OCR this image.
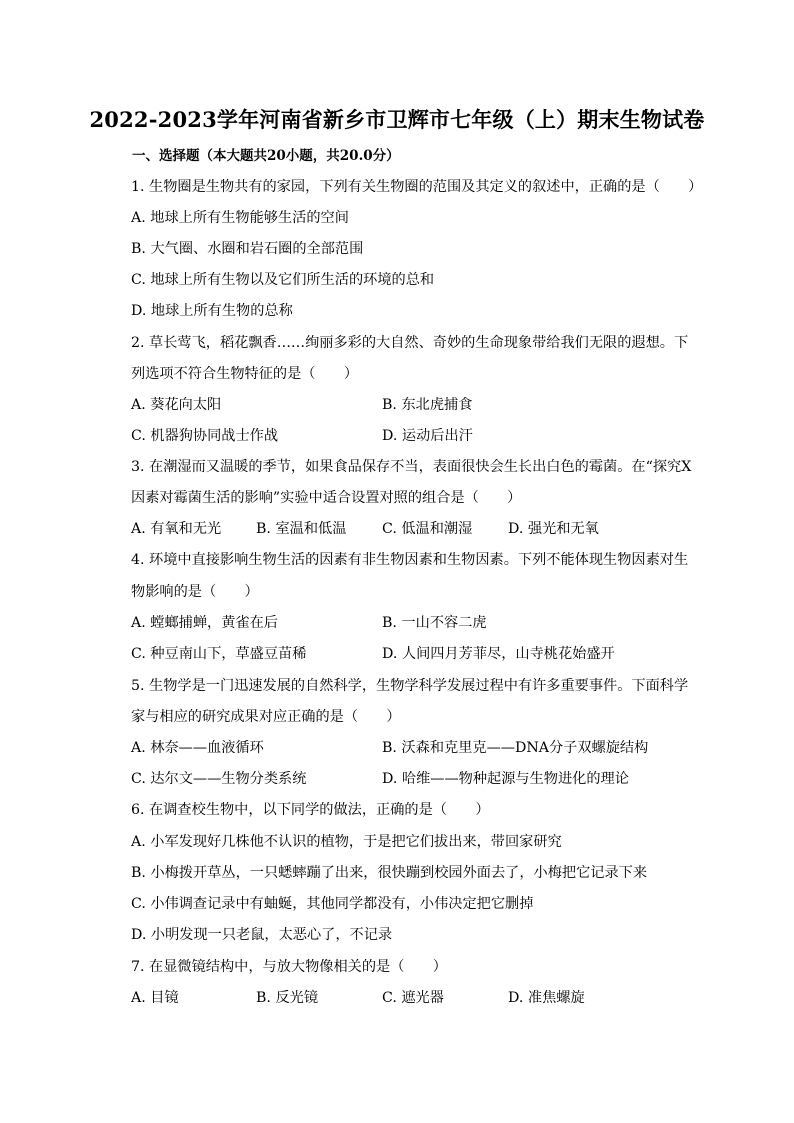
2022-2023学年河南省新乡市卫辉市七年级（上）期末生物试卷
一、选择题（本大题共20小题，共20.0分）
1. 生物圈是生物共有的家园，下列有关生物圈的范围及其定义的叙述中，正确的是（　　）
A. 地球上所有生物能够生活的空间
B. 大气圈、水圈和岩石圈的全部范围
C. 地球上所有生物以及它们所生活的环境的总和
D. 地球上所有生物的总称
2. 草长莺飞，稻花飘香……绚丽多彩的大自然、奇妙的生命现象带给我们无限的遐想。下
列选项不符合生物特征的是（　　）
A. 葵花向太阳	B. 东北虎捕食
C. 机器狗协同战士作战	D. 运动后出汗
3. 在潮湿而又温暖的季节，如果食品保存不当，表面很快会生长出白色的霉菌。在“探究X
因素对霉菌生活的影响”实验中适合设置对照的组合是（　　）
A. 有氧和无光 B. 室温和低温	C. 低温和潮湿	D. 强光和无氧
4. 环境中直接影响生物生活的因素有非生物因素和生物因素。下列不能体现生物因素对生
物影响的是（　　）
A. 螳螂捕蝉，黄雀在后	B. 一山不容二虎
C. 种豆南山下，草盛豆苗稀	D. 人间四月芳菲尽，山寺桃花始盛开
5. 生物学是一门迅速发展的自然科学，生物学科学发展过程中有许多重要事件。下面科学
家与相应的研究成果对应正确的是（　　）
A. 林奈——血液循环	B. 沃森和克里克——DNA分子双螺旋结构
C. 达尔文——生物分类系统	D. 哈维——物种起源与生物进化的理论
6. 在调查校生物中，以下同学的做法，正确的是（　　）
A. 小军发现好几株他不认识的植物，于是把它们拔出来，带回家研究
B. 小梅拨开草丛，一只蟋蟀蹦了出来，很快蹦到校园外面去了，小梅把它记录下来
C. 小伟调查记录中有蚰蜒，其他同学都没有，小伟决定把它删掉
D. 小明发现一只老鼠，太恶心了，不记录
7. 在显微镜结构中，与放大物像相关的是（　　）
A. 目镜	B. 反光镜	C. 遮光器	D. 准焦螺旋
